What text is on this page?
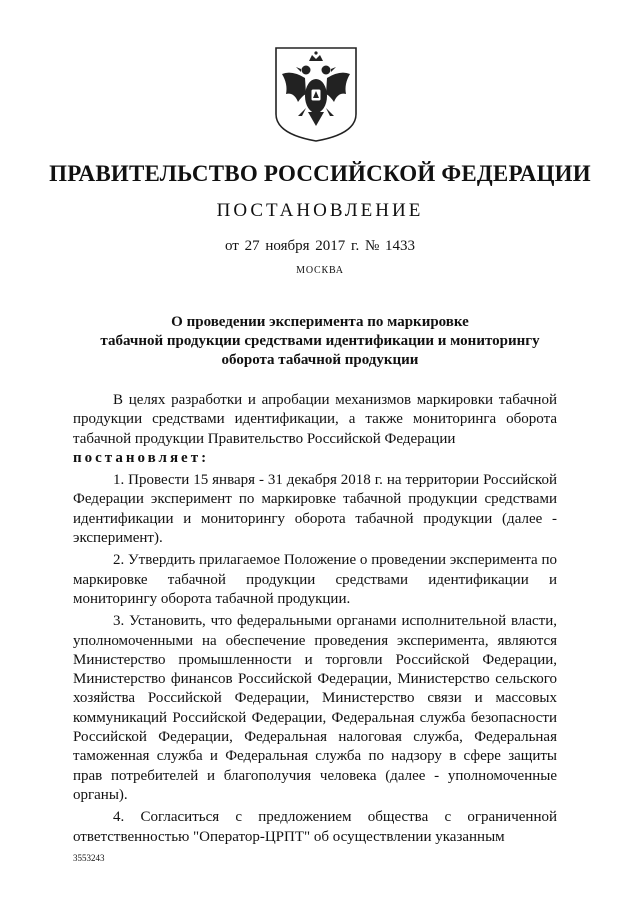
ПРАВИТЕЛЬСТВО РОССИЙСКОЙ ФЕДЕРАЦИИ
ПОСТАНОВЛЕНИЕ
от 27 ноября 2017 г. № 1433
МОСКВА
О проведении эксперимента по маркировке
табачной продукции средствами идентификации и мониторингу
оборота табачной продукции

В целях разработки и апробации механизмов маркировки табачной продукции средствами идентификации, а также мониторинга оборота табачной продукции Правительство Российской Федерации

постановляет:

1. Провести 15 января - 31 декабря 2018 г. на территории Российской Федерации эксперимент по маркировке табачной продукции средствами идентификации и мониторингу оборота табачной продукции (далее - эксперимент).

2. Утвердить прилагаемое Положение о проведении эксперимента по маркировке табачной продукции средствами идентификации и мониторингу оборота табачной продукции.

3. Установить, что федеральными органами исполнительной власти, уполномоченными на обеспечение проведения эксперимента, являются Министерство промышленности и торговли Российской Федерации, Министерство финансов Российской Федерации, Министерство сельского хозяйства Российской Федерации, Министерство связи и массовых коммуникаций Российской Федерации, Федеральная служба безопасности Российской Федерации, Федеральная налоговая служба, Федеральная таможенная служба и Федеральная служба по надзору в сфере защиты прав потребителей и благополучия человека (далее - уполномоченные органы).

4. Согласиться с предложением общества с ограниченной ответственностью "Оператор-ЦРПТ" об осуществлении указанным

3553243
